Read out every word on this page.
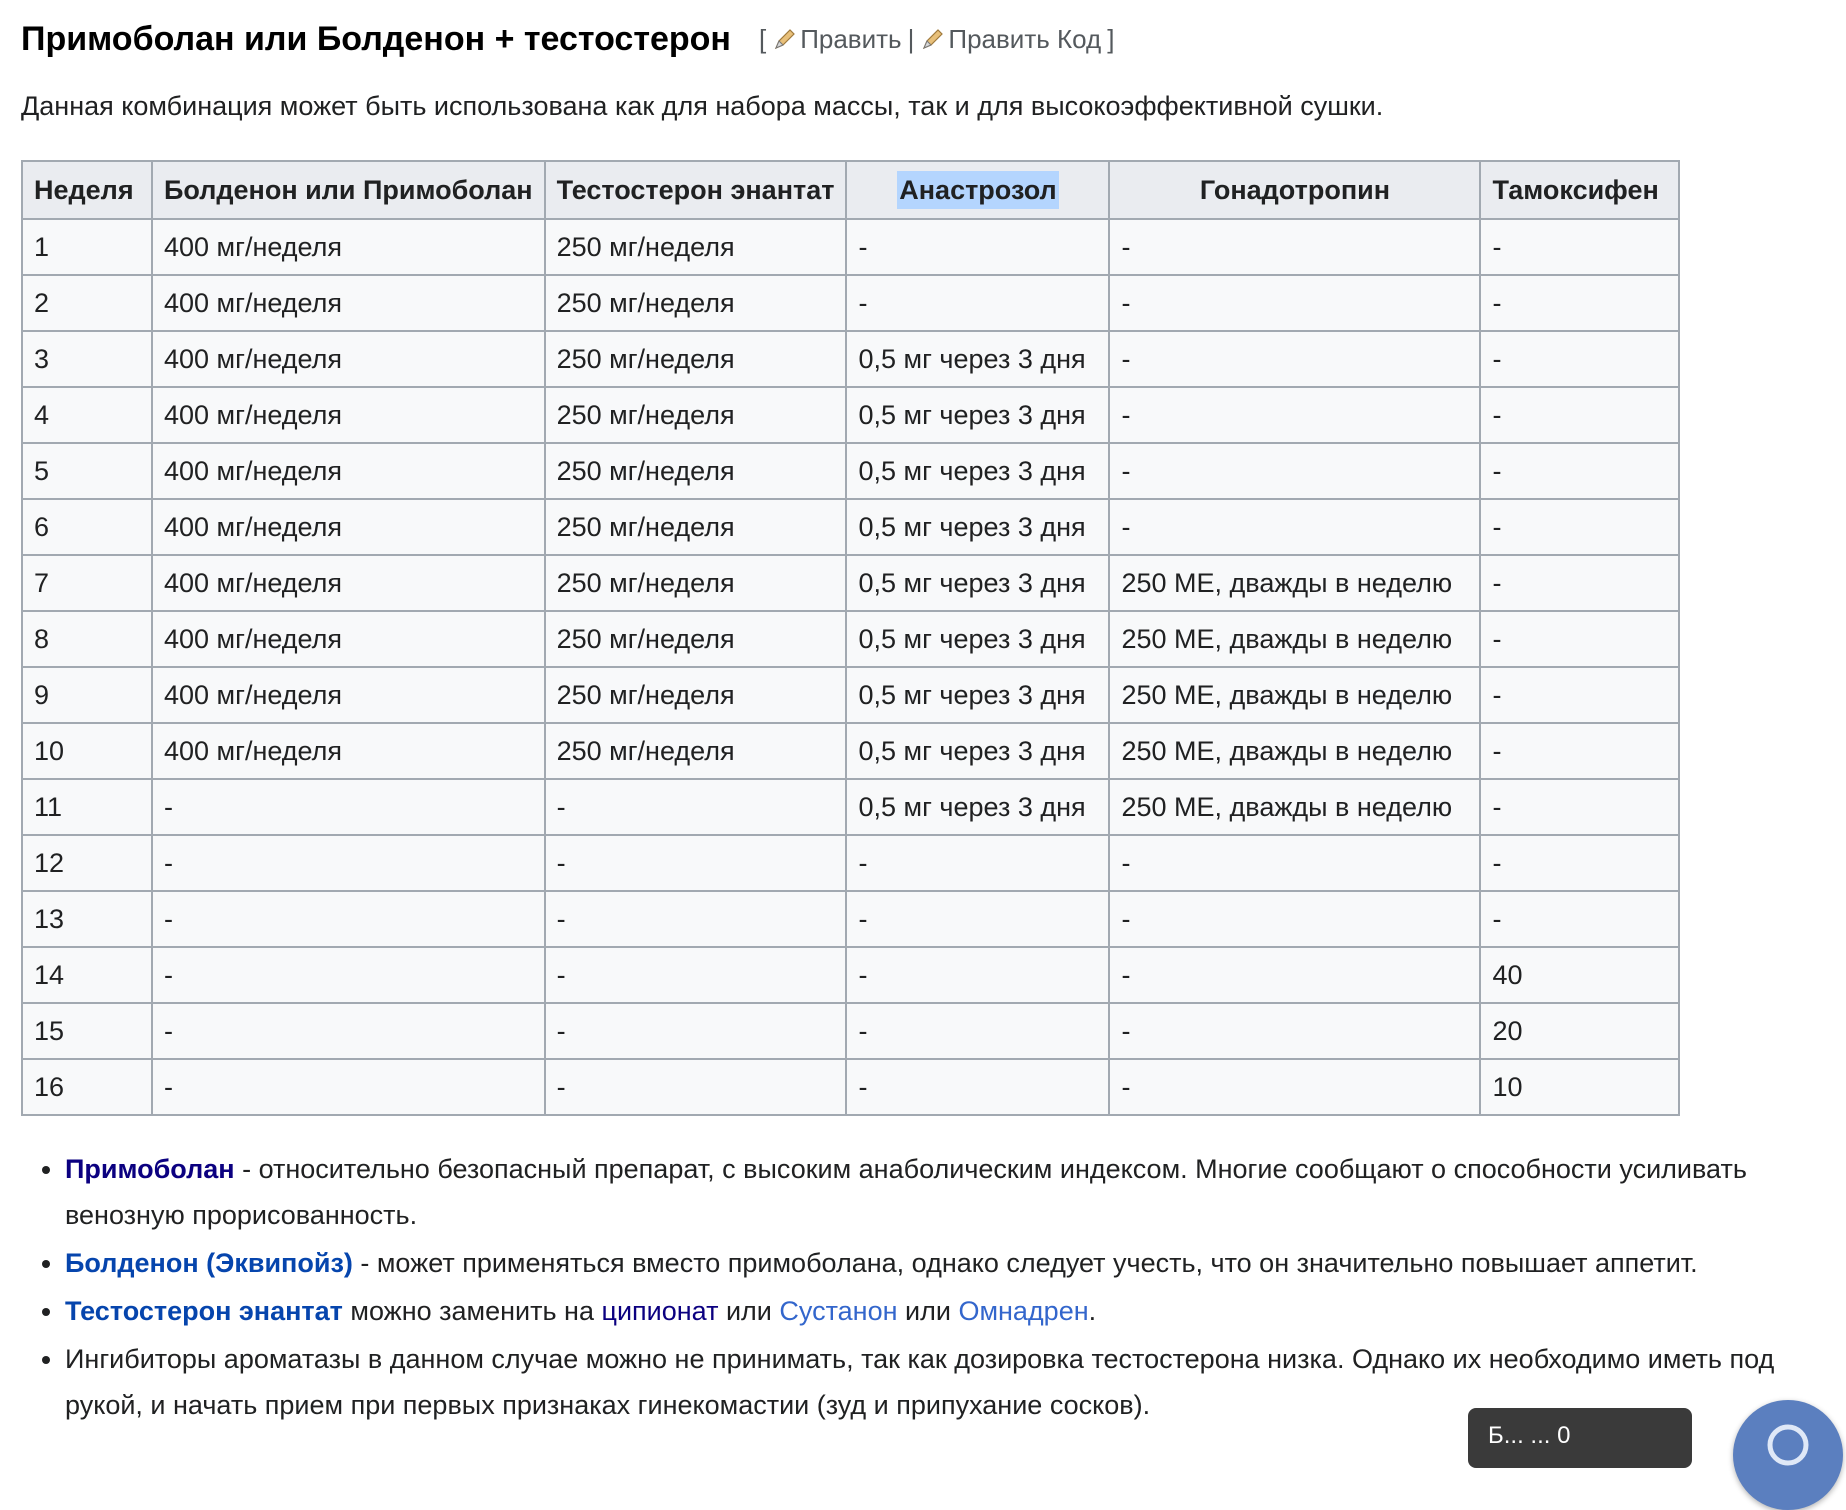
Примоболан или Болденон + тестостерон [ Править | Править Код ]

Данная комбинация может быть использована как для набора массы, так и для высокоэффективной сушки.

Неделя	Болденон или Примоболан	Тестостерон энантат	Анастрозол	Гонадотропин	Тамоксифен
1	400 мг/неделя	250 мг/неделя	-	-	-
2	400 мг/неделя	250 мг/неделя	-	-	-
3	400 мг/неделя	250 мг/неделя	0,5 мг через 3 дня	-	-
4	400 мг/неделя	250 мг/неделя	0,5 мг через 3 дня	-	-
5	400 мг/неделя	250 мг/неделя	0,5 мг через 3 дня	-	-
6	400 мг/неделя	250 мг/неделя	0,5 мг через 3 дня	-	-
7	400 мг/неделя	250 мг/неделя	0,5 мг через 3 дня	250 МЕ, дважды в неделю	-
8	400 мг/неделя	250 мг/неделя	0,5 мг через 3 дня	250 МЕ, дважды в неделю	-
9	400 мг/неделя	250 мг/неделя	0,5 мг через 3 дня	250 МЕ, дважды в неделю	-
10	400 мг/неделя	250 мг/неделя	0,5 мг через 3 дня	250 МЕ, дважды в неделю	-
11	-	-	0,5 мг через 3 дня	250 МЕ, дважды в неделю	-
12	-	-	-	-	-
13	-	-	-	-	-
14	-	-	-	-	40
15	-	-	-	-	20
16	-	-	-	-	10
• Примоболан - относительно безопасный препарат, с высоким анаболическим индексом. Многие сообщают о способности усиливать венозную прорисованность.
• Болденон (Эквипойз) - может применяться вместо примоболана, однако следует учесть, что он значительно повышает аппетит.
• Тестостерон энантат можно заменить на ципионат или Сустанон или Омнадрен.
• Ингибиторы ароматазы в данном случае можно не принимать, так как дозировка тестостерона низка. Однако их необходимо иметь под рукой, и начать прием при первых признаках гинекомастии (зуд и припухание сосков).
Б... ... 0
